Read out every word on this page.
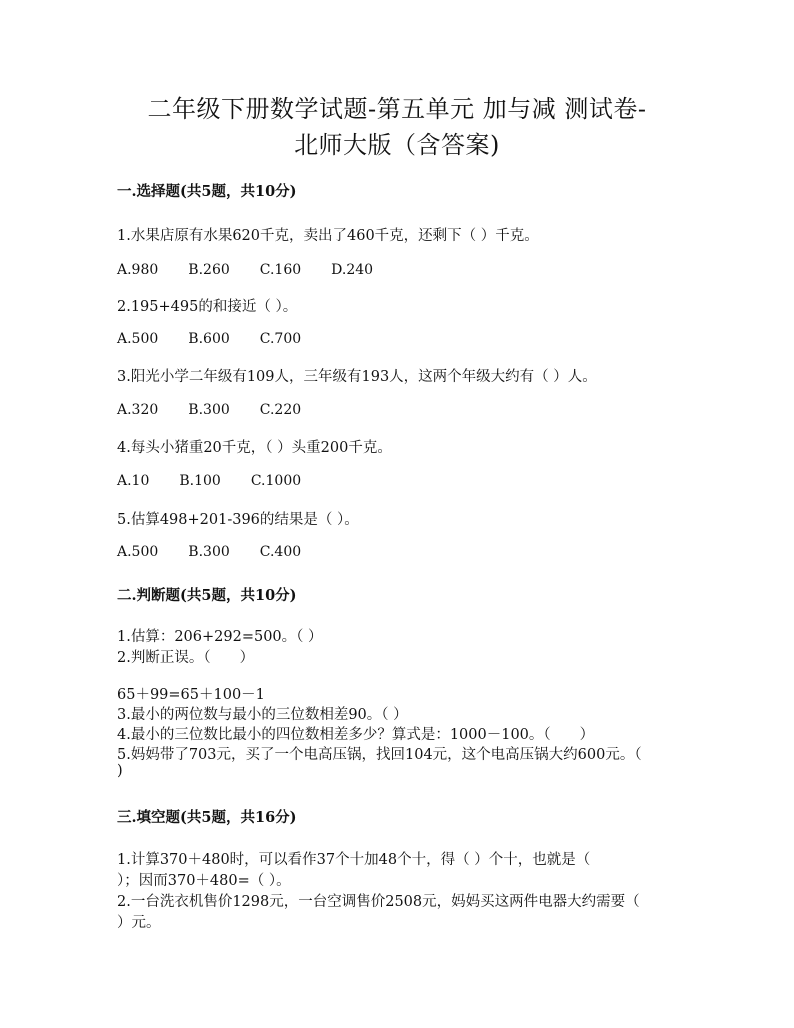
二年级下册数学试题-第五单元 加与减 测试卷-
北师大版（含答案)
一.选择题(共5题，共10分)
1.水果店原有水果620千克，卖出了460千克，还剩下（ ）千克。
A.980 B.260 C.160 D.240
2.195+495的和接近（ ）。
A.500 B.600 C.700
3.阳光小学二年级有109人，三年级有193人，这两个年级大约有（ ）人。
A.320 B.300 C.220
4.每头小猪重20千克，（ ）头重200千克。
A.10 B.100 C.1000
5.估算498+201-396的结果是（ ）。
A.500 B.300 C.400
二.判断题(共5题，共10分)
1.估算：206+292=500。（ ）
2.判断正误。（　　）
65＋99=65＋100－1
3.最小的两位数与最小的三位数相差90。（ ）
4.最小的三位数比最小的四位数相差多少？算式是：1000－100。（　　）
5.妈妈带了703元，买了一个电高压锅，找回104元，这个电高压锅大约600元。（
)
三.填空题(共5题，共16分)
1.计算370＋480时，可以看作37个十加48个十，得（ ）个十，也就是（
）；因而370＋480=（ ）。
2.一台洗衣机售价1298元，一台空调售价2508元，妈妈买这两件电器大约需要（
）元。
